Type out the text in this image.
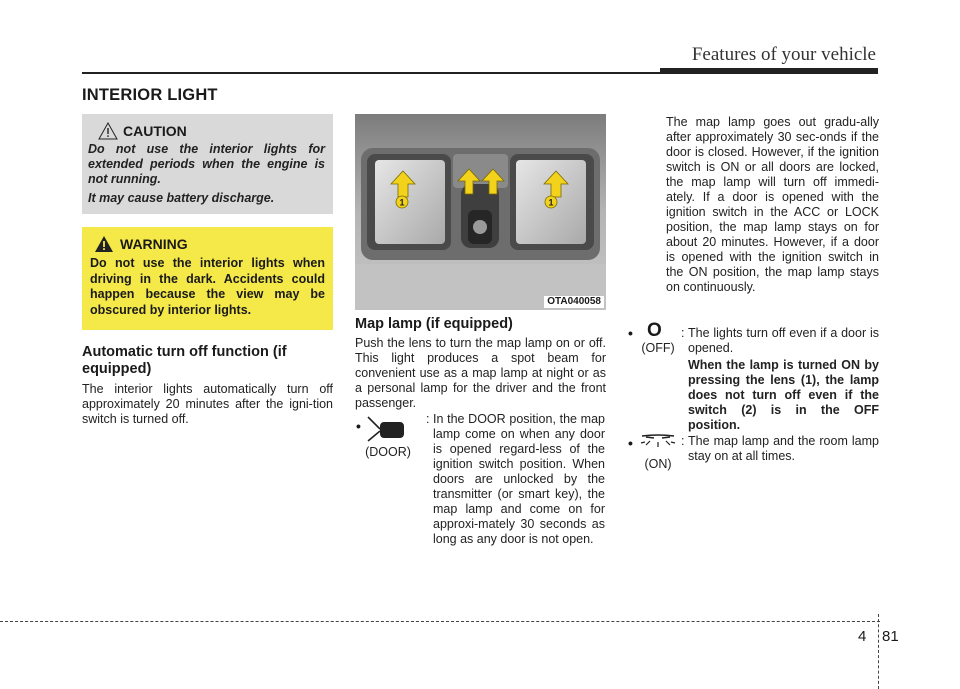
Features of your vehicle
INTERIOR LIGHT
CAUTION

Do not use the interior lights for extended periods when the engine is not running.

It may cause battery discharge.

WARNING
Do not use the interior lights when driving in the dark. Accidents could happen because the view may be obscured by interior lights.
Automatic turn off function (if equipped)
The interior lights automatically turn off approximately 20 minutes after the igni-tion switch is turned off.
1	1
OTA040058
Map lamp (if equipped)
Push the lens to turn the map lamp on or off. This light produces a spot beam for convenient use as a map lamp at night or as a personal lamp for the driver and the front passenger.
•
(DOOR)
: In the DOOR position, the map lamp come on when any door is opened regard-less of the ignition switch position. When doors are unlocked by the transmitter (or smart key), the map lamp and come on for approxi-mately 30 seconds as long as any door is not open.
The map lamp goes out gradu-ally after approximately 30 sec-onds if the door is closed. However, if the ignition switch is ON or all doors are locked, the map lamp will turn off immedi-ately. If a door is opened with the ignition switch in the ACC or LOCK position, the map lamp stays on for about 20 minutes. However, if a door is opened with the ignition switch in the ON position, the map lamp stays on continuously.
• O
(OFF)
: The lights turn off even if a door is opened.
When the lamp is turned ON by pressing the lens (1), the lamp does not turn off even if the switch (2) is in the OFF position.
•
(ON)
: The map lamp and the room lamp stay on at all times.
4 81
